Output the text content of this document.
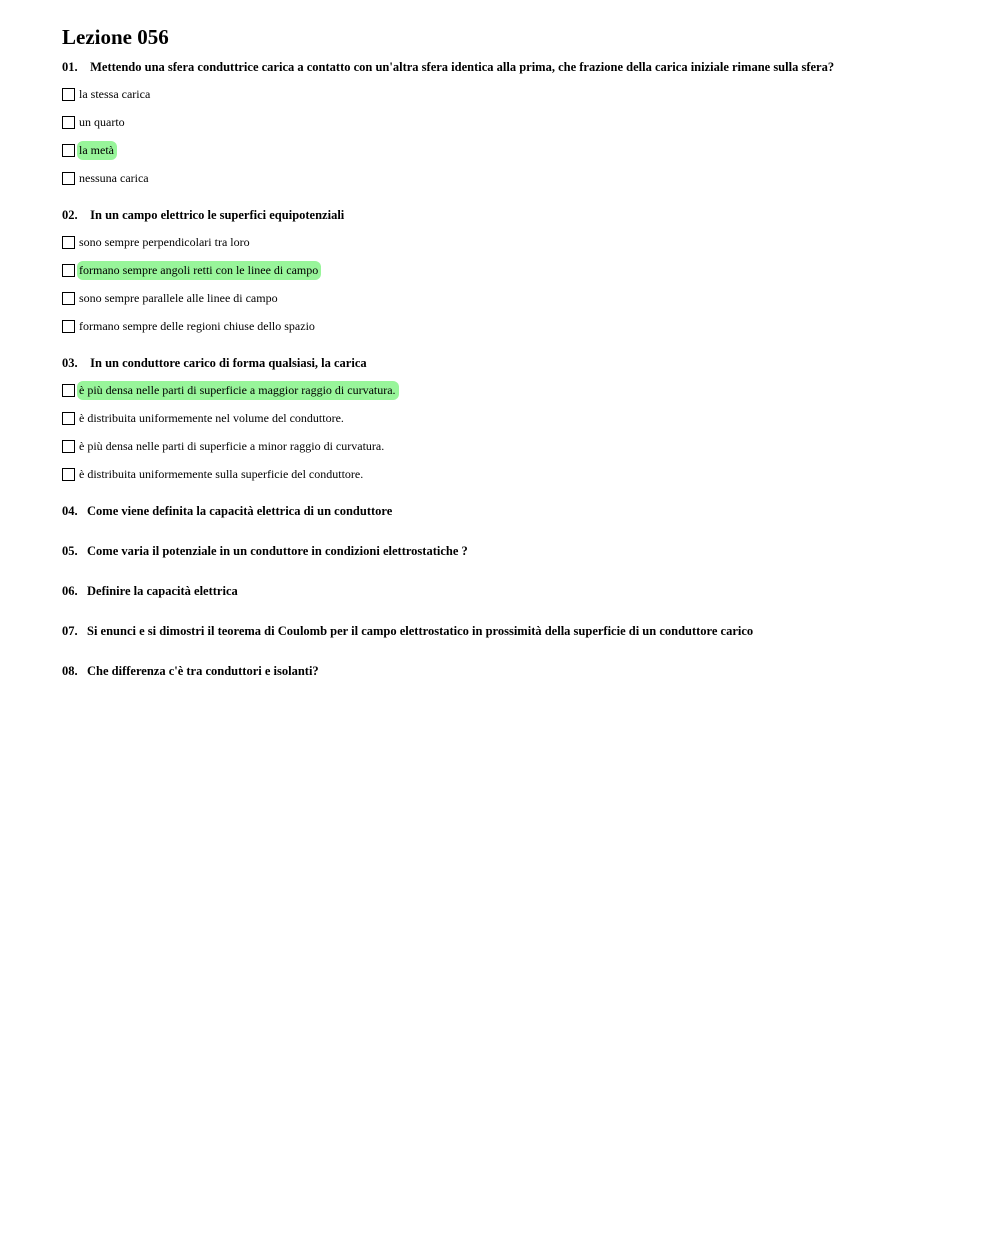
Lezione 056
01. Mettendo una sfera conduttrice carica a contatto con un'altra sfera identica alla prima, che frazione della carica iniziale rimane sulla sfera?
la stessa carica
un quarto
la metà
nessuna carica
02. In un campo elettrico le superfici equipotenziali
sono sempre perpendicolari tra loro
formano sempre angoli retti con le linee di campo
sono sempre parallele alle linee di campo
formano sempre delle regioni chiuse dello spazio
03. In un conduttore carico di forma qualsiasi, la carica
è più densa nelle parti di superficie a maggior raggio di curvatura.
è distribuita uniformemente nel volume del conduttore.
è più densa nelle parti di superficie a minor raggio di curvatura.
è distribuita uniformemente sulla superficie del conduttore.
04. Come viene definita la capacità elettrica di un conduttore
05. Come varia il potenziale in un conduttore in condizioni elettrostatiche ?
06. Definire la capacità elettrica
07. Si enunci e si dimostri il teorema di Coulomb per il campo elettrostatico in prossimità della superficie di un conduttore carico
08. Che differenza c'è tra conduttori e isolanti?
